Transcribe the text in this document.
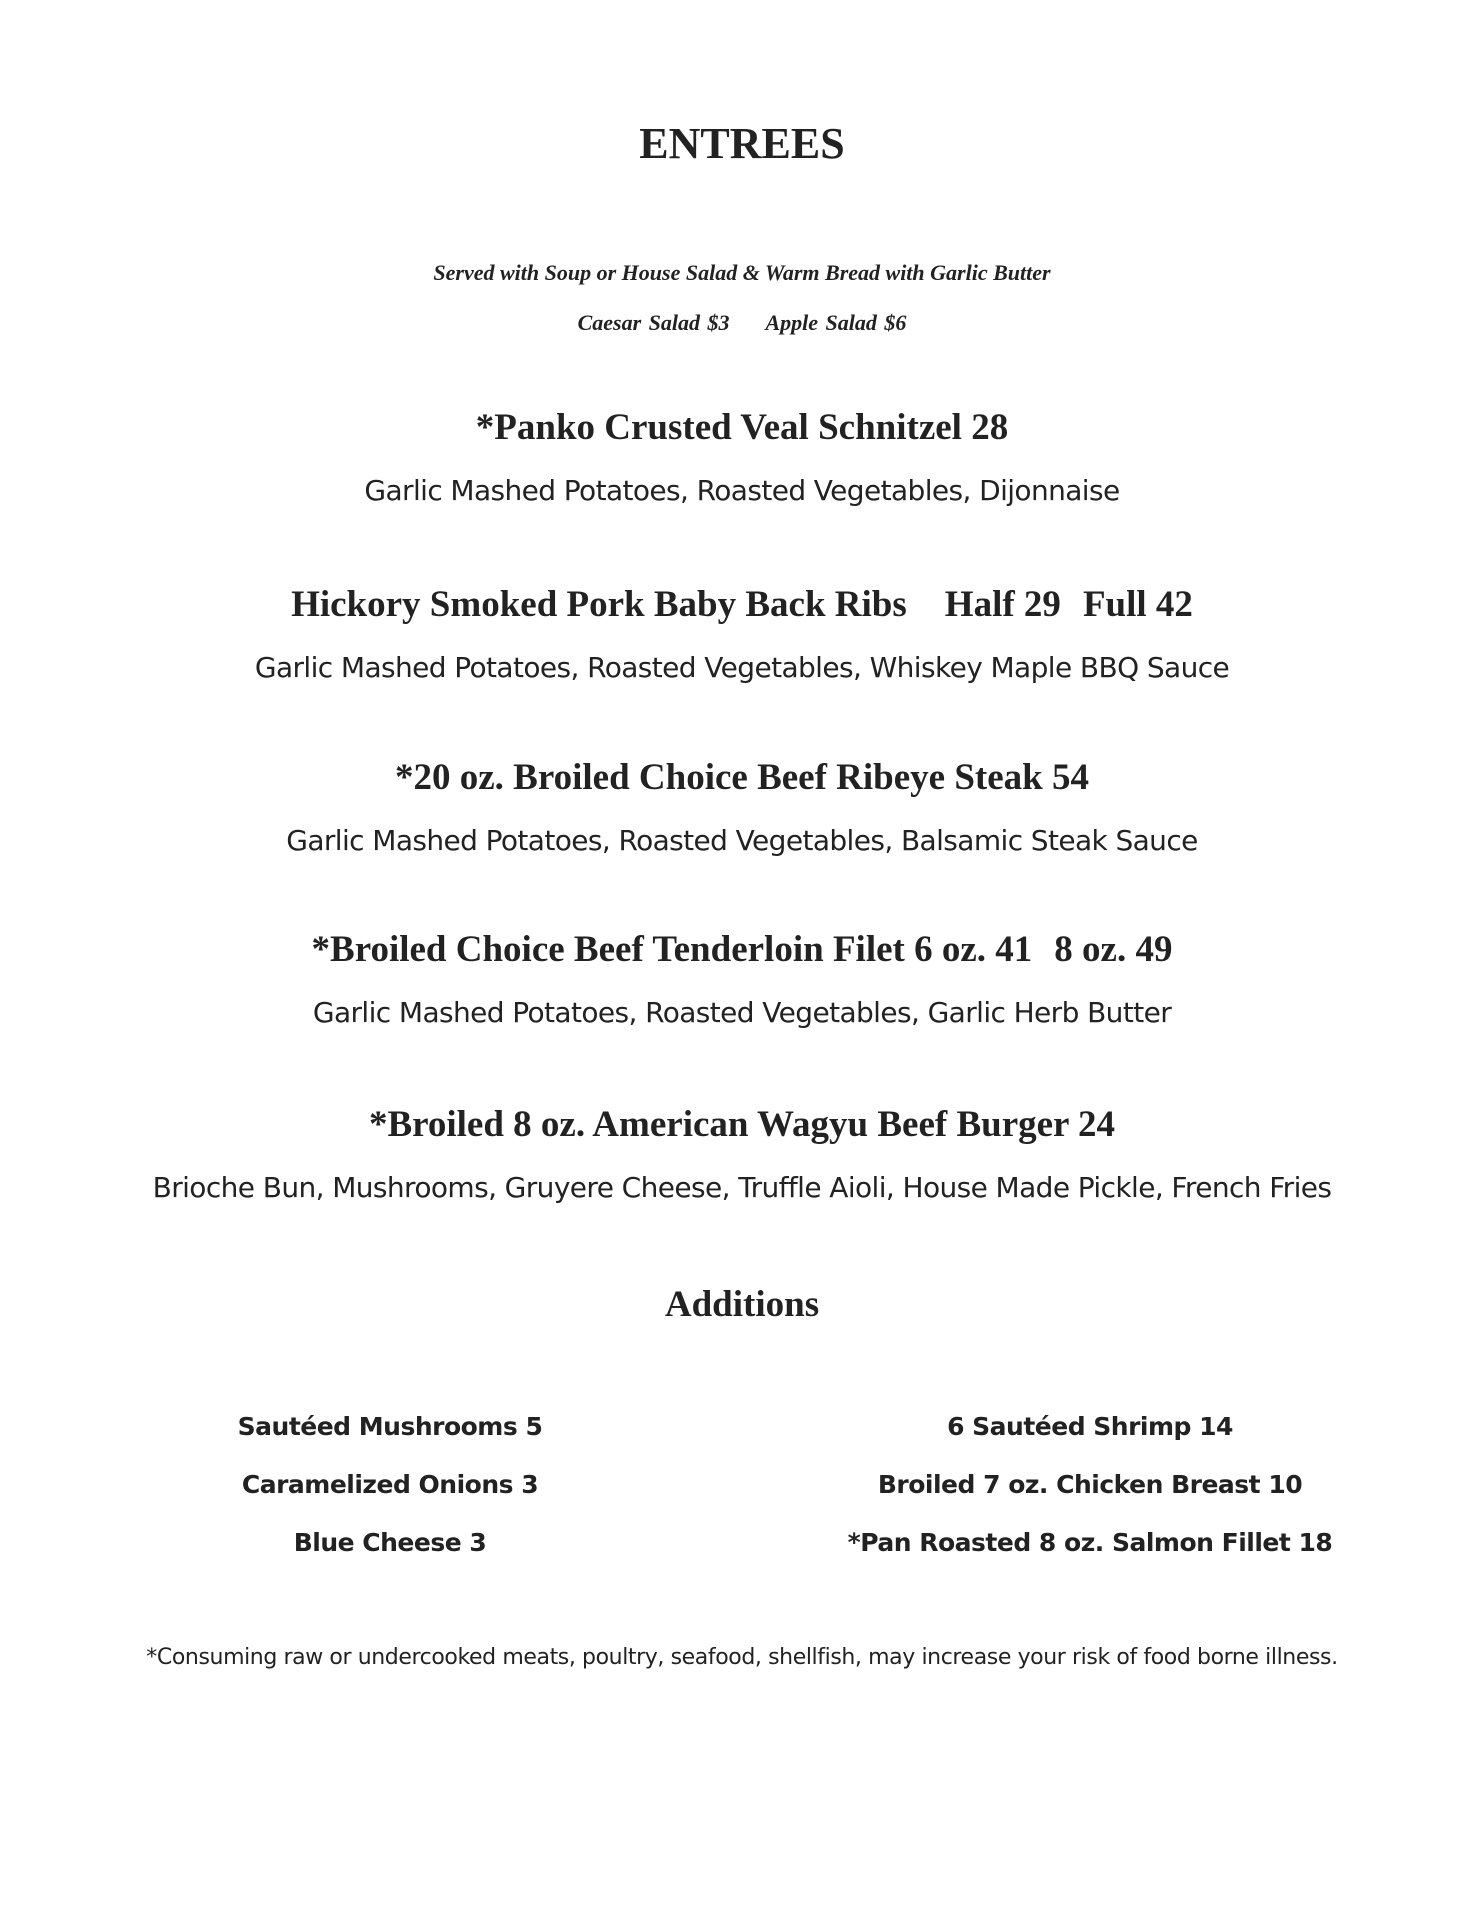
ENTREES
Served with Soup or House Salad & Warm Bread with Garlic Butter
Caesar Salad $3 Apple Salad $6
*Panko Crusted Veal Schnitzel 28
Garlic Mashed Potatoes, Roasted Vegetables, Dijonnaise
Hickory Smoked Pork Baby Back Ribs Half 29 Full 42
Garlic Mashed Potatoes, Roasted Vegetables, Whiskey Maple BBQ Sauce
*20 oz. Broiled Choice Beef Ribeye Steak 54
Garlic Mashed Potatoes, Roasted Vegetables, Balsamic Steak Sauce
*Broiled Choice Beef Tenderloin Filet 6 oz. 41 8 oz. 49
Garlic Mashed Potatoes, Roasted Vegetables, Garlic Herb Butter
*Broiled 8 oz. American Wagyu Beef Burger 24
Brioche Bun, Mushrooms, Gruyere Cheese, Truffle Aioli, House Made Pickle, French Fries
Additions
Sautéed Mushrooms 5
Caramelized Onions 3
Blue Cheese 3
6 Sautéed Shrimp 14
Broiled 7 oz. Chicken Breast 10
*Pan Roasted 8 oz. Salmon Fillet 18
*Consuming raw or undercooked meats, poultry, seafood, shellfish, may increase your risk of food borne illness.
